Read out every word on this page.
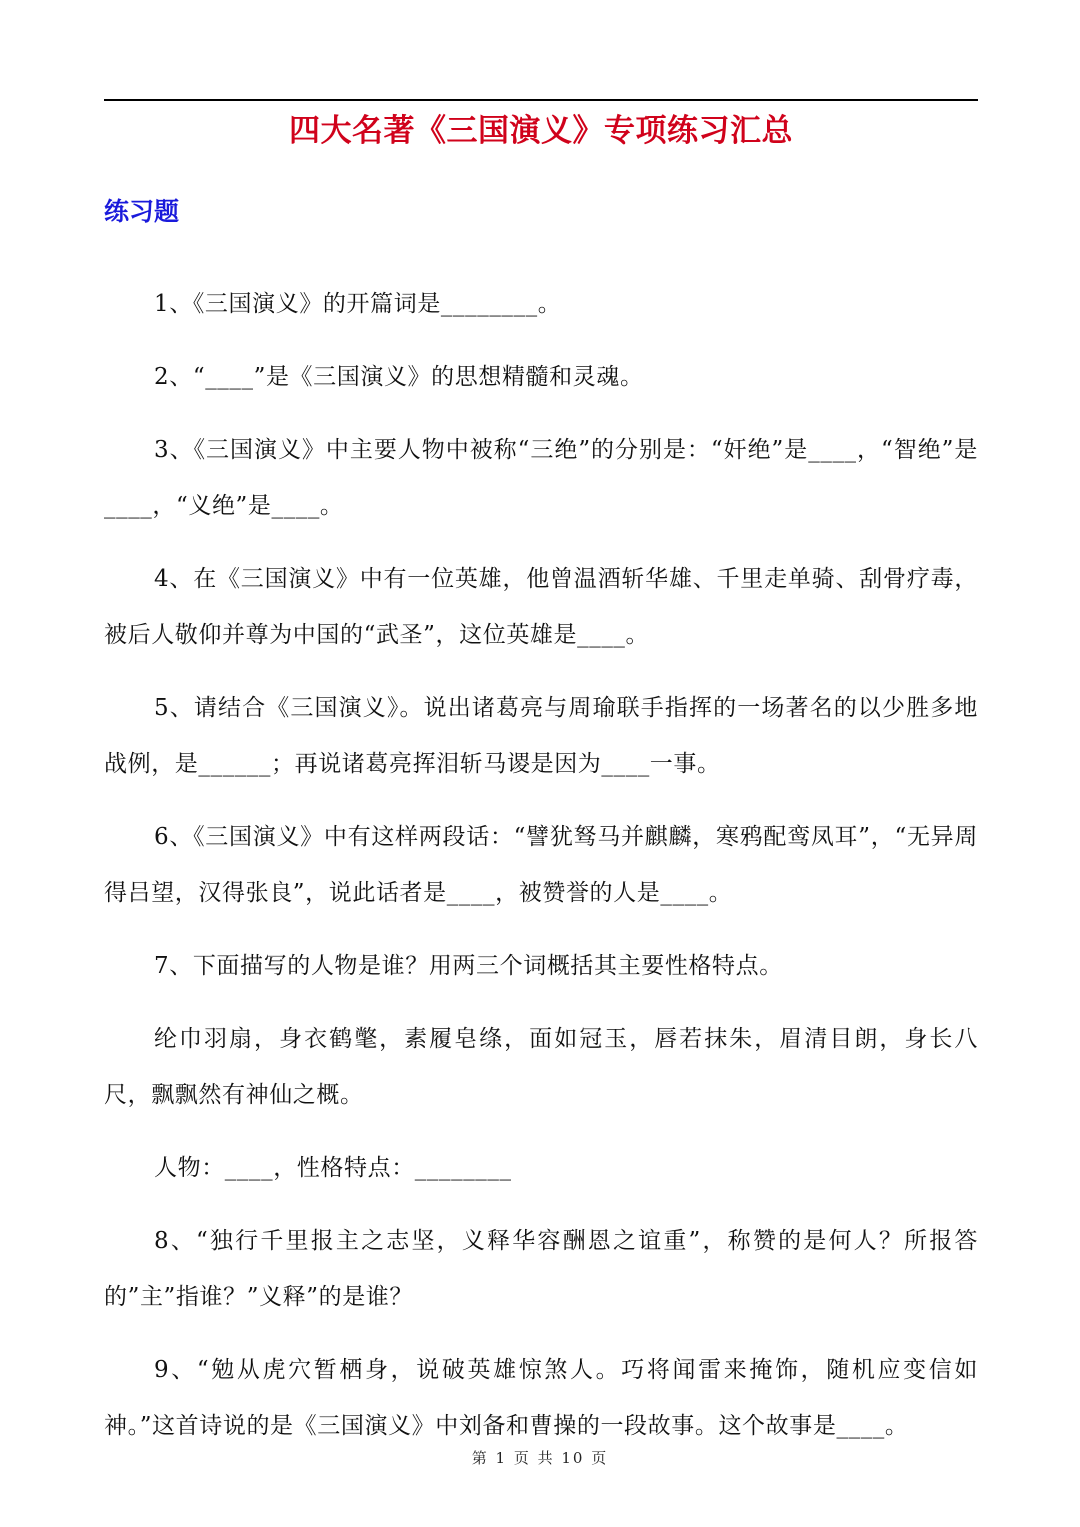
四大名著《三国演义》专项练习汇总
练习题

1、《三国演义》的开篇词是________。

2、“____”是《三国演义》的思想精髓和灵魂。

3、《三国演义》中主要人物中被称“三绝”的分别是：“奸绝”是____，“智绝”是____，“义绝”是____。

4、在《三国演义》中有一位英雄，他曾温酒斩华雄、千里走单骑、刮骨疗毒，被后人敬仰并尊为中国的“武圣”，这位英雄是____。

5、请结合《三国演义》。说出诸葛亮与周瑜联手指挥的一场著名的以少胜多地战例，是______；再说诸葛亮挥泪斩马谡是因为____一事。

6、《三国演义》中有这样两段话：“譬犹驽马并麒麟，寒鸦配鸾凤耳”，“无异周得吕望，汉得张良”，说此话者是____，被赞誉的人是____。

7、下面描写的人物是谁？用两三个词概括其主要性格特点。

纶巾羽扇，身衣鹤氅，素履皂绦，面如冠玉，唇若抹朱，眉清目朗，身长八尺，飘飘然有神仙之概。

人物：____，性格特点：________

8、“独行千里报主之志坚，义释华容酬恩之谊重”，称赞的是何人？所报答的”主”指谁？”义释”的是谁？

9、“勉从虎穴暂栖身，说破英雄惊煞人。巧将闻雷来掩饰，随机应变信如神。”这首诗说的是《三国演义》中刘备和曹操的一段故事。这个故事是____。

第 1 页 共 10 页
